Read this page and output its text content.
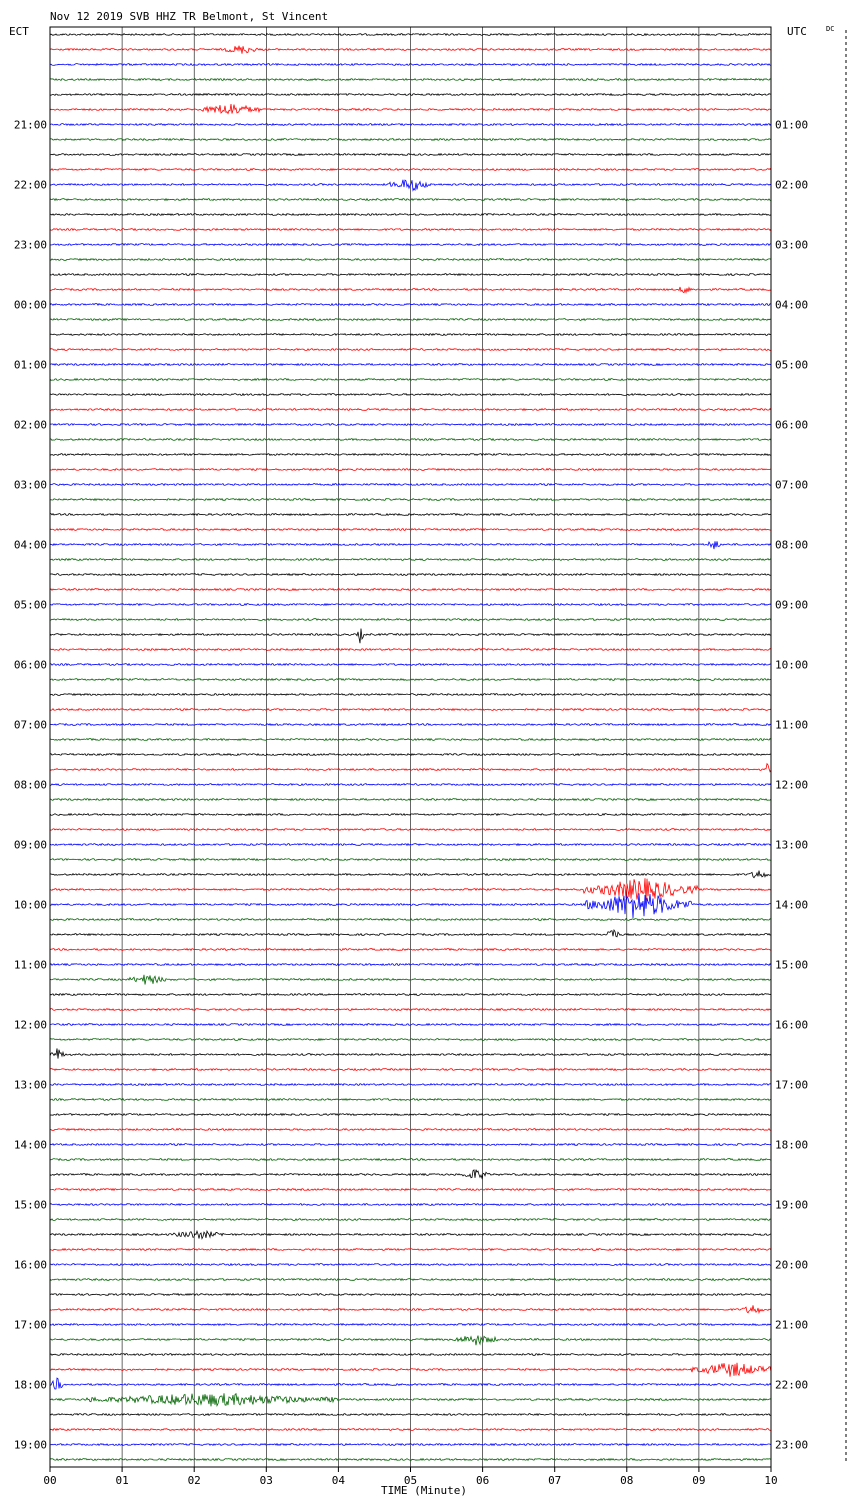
Nov 12 2019 SVB HHZ TR Belmont, St Vincent
ECT	UTC	DC
21:00
22:00
23:00
00:00
01:00
02:00
03:00
04:00
05:00
06:00
07:00
08:00
09:00
10:00
11:00
12:00
13:00
14:00
15:00
16:00
17:00
18:00
19:00
01:00
02:00
03:00
04:00
05:00
06:00
07:00
08:00
09:00
10:00
11:00
12:00
13:00
14:00
15:00
16:00
17:00
18:00
19:00
20:00
21:00
22:00
23:00
00	01	02	03	04	05	06	07	08	09	10
TIME (Minute)
